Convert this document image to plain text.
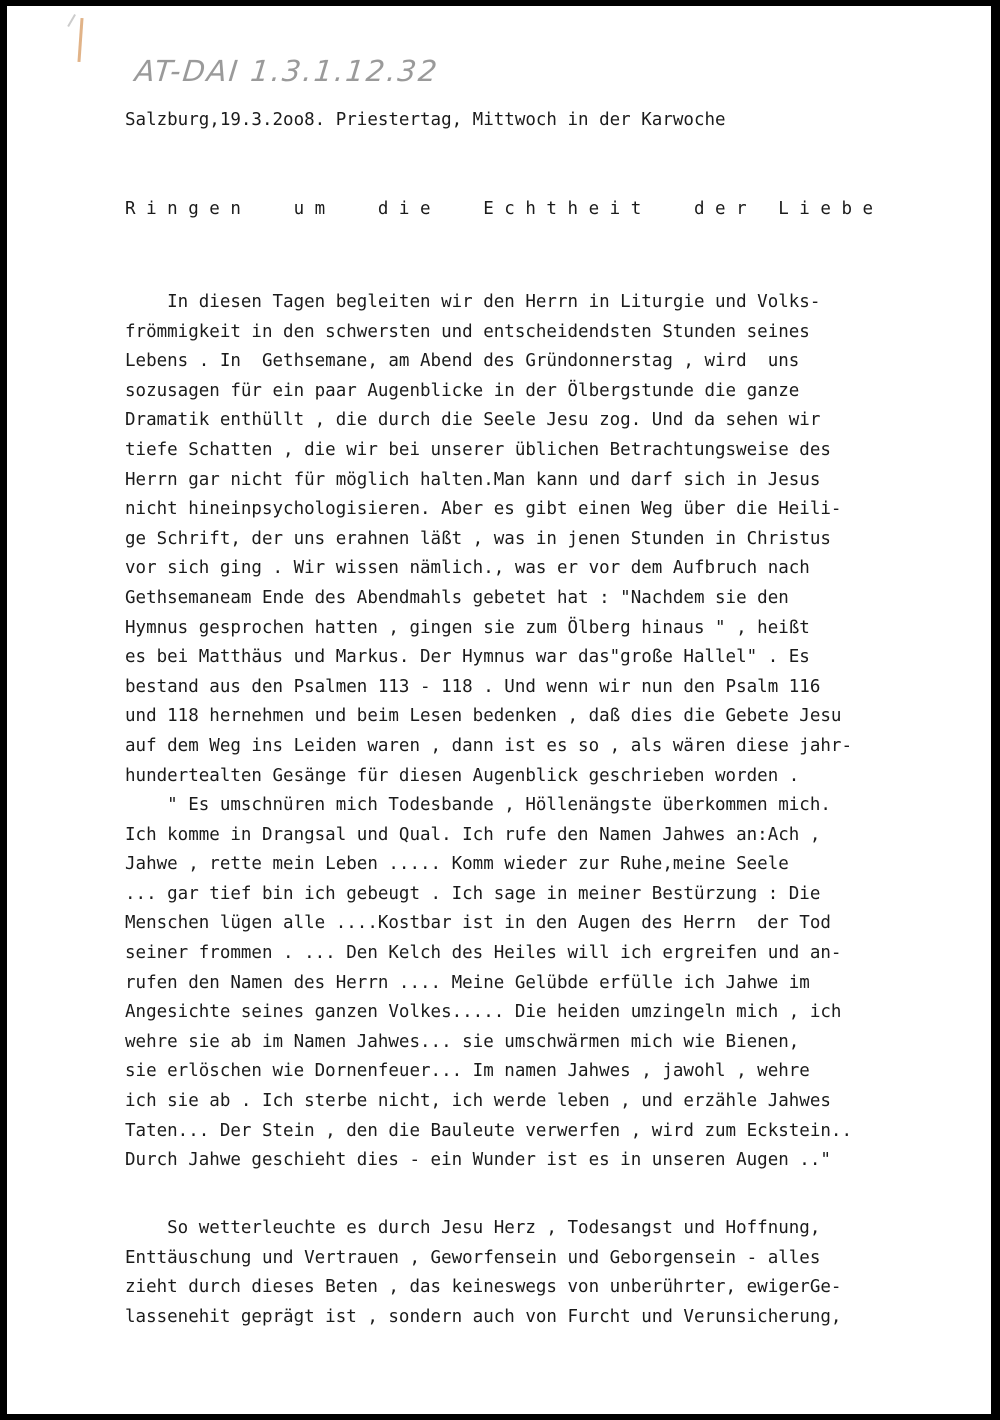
AT-DAI 1.3.1.12.32
Salzburg,19.3.2oo8. Priestertag, Mittwoch in der Karwoche
R i n g e n     u m     d i e     E c h t h e i t     d e r   L i e b e
In diesen Tagen begleiten wir den Herrn in Liturgie und Volks-
frömmigkeit in den schwersten und entscheidendsten Stunden seines
Lebens . In  Gethsemane, am Abend des Gründonnerstag , wird  uns
sozusagen für ein paar Augenblicke in der Ölbergstunde die ganze
Dramatik enthüllt , die durch die Seele Jesu zog. Und da sehen wir
tiefe Schatten , die wir bei unserer üblichen Betrachtungsweise des
Herrn gar nicht für möglich halten.Man kann und darf sich in Jesus
nicht hineinpsychologisieren. Aber es gibt einen Weg über die Heili-
ge Schrift, der uns erahnen läßt , was in jenen Stunden in Christus
vor sich ging . Wir wissen nämlich., was er vor dem Aufbruch nach
Gethsemaneam Ende des Abendmahls gebetet hat : "Nachdem sie den
Hymnus gesprochen hatten , gingen sie zum Ölberg hinaus " , heißt
es bei Matthäus und Markus. Der Hymnus war das"große Hallel" . Es
bestand aus den Psalmen 113 - 118 . Und wenn wir nun den Psalm 116
und 118 hernehmen und beim Lesen bedenken , daß dies die Gebete Jesu
auf dem Weg ins Leiden waren , dann ist es so , als wären diese jahr-
hundertealten Gesänge für diesen Augenblick geschrieben worden .
" Es umschnüren mich Todesbande , Höllenängste überkommen mich.
Ich komme in Drangsal und Qual. Ich rufe den Namen Jahwes an:Ach ,
Jahwe , rette mein Leben ..... Komm wieder zur Ruhe,meine Seele
... gar tief bin ich gebeugt . Ich sage in meiner Bestürzung : Die
Menschen lügen alle ....Kostbar ist in den Augen des Herrn  der Tod
seiner frommen . ... Den Kelch des Heiles will ich ergreifen und an-
rufen den Namen des Herrn .... Meine Gelübde erfülle ich Jahwe im
Angesichte seines ganzen Volkes..... Die heiden umzingeln mich , ich
wehre sie ab im Namen Jahwes... sie umschwärmen mich wie Bienen,
sie erlöschen wie Dornenfeuer... Im namen Jahwes , jawohl , wehre
ich sie ab . Ich sterbe nicht, ich werde leben , und erzähle Jahwes
Taten... Der Stein , den die Bauleute verwerfen , wird zum Eckstein..
Durch Jahwe geschieht dies - ein Wunder ist es in unseren Augen .."
So wetterleuchte es durch Jesu Herz , Todesangst und Hoffnung,
Enttäuschung und Vertrauen , Geworfensein und Geborgensein - alles
zieht durch dieses Beten , das keineswegs von unberührter, ewigerGe-
lassenehit geprägt ist , sondern auch von Furcht und Verunsicherung,
